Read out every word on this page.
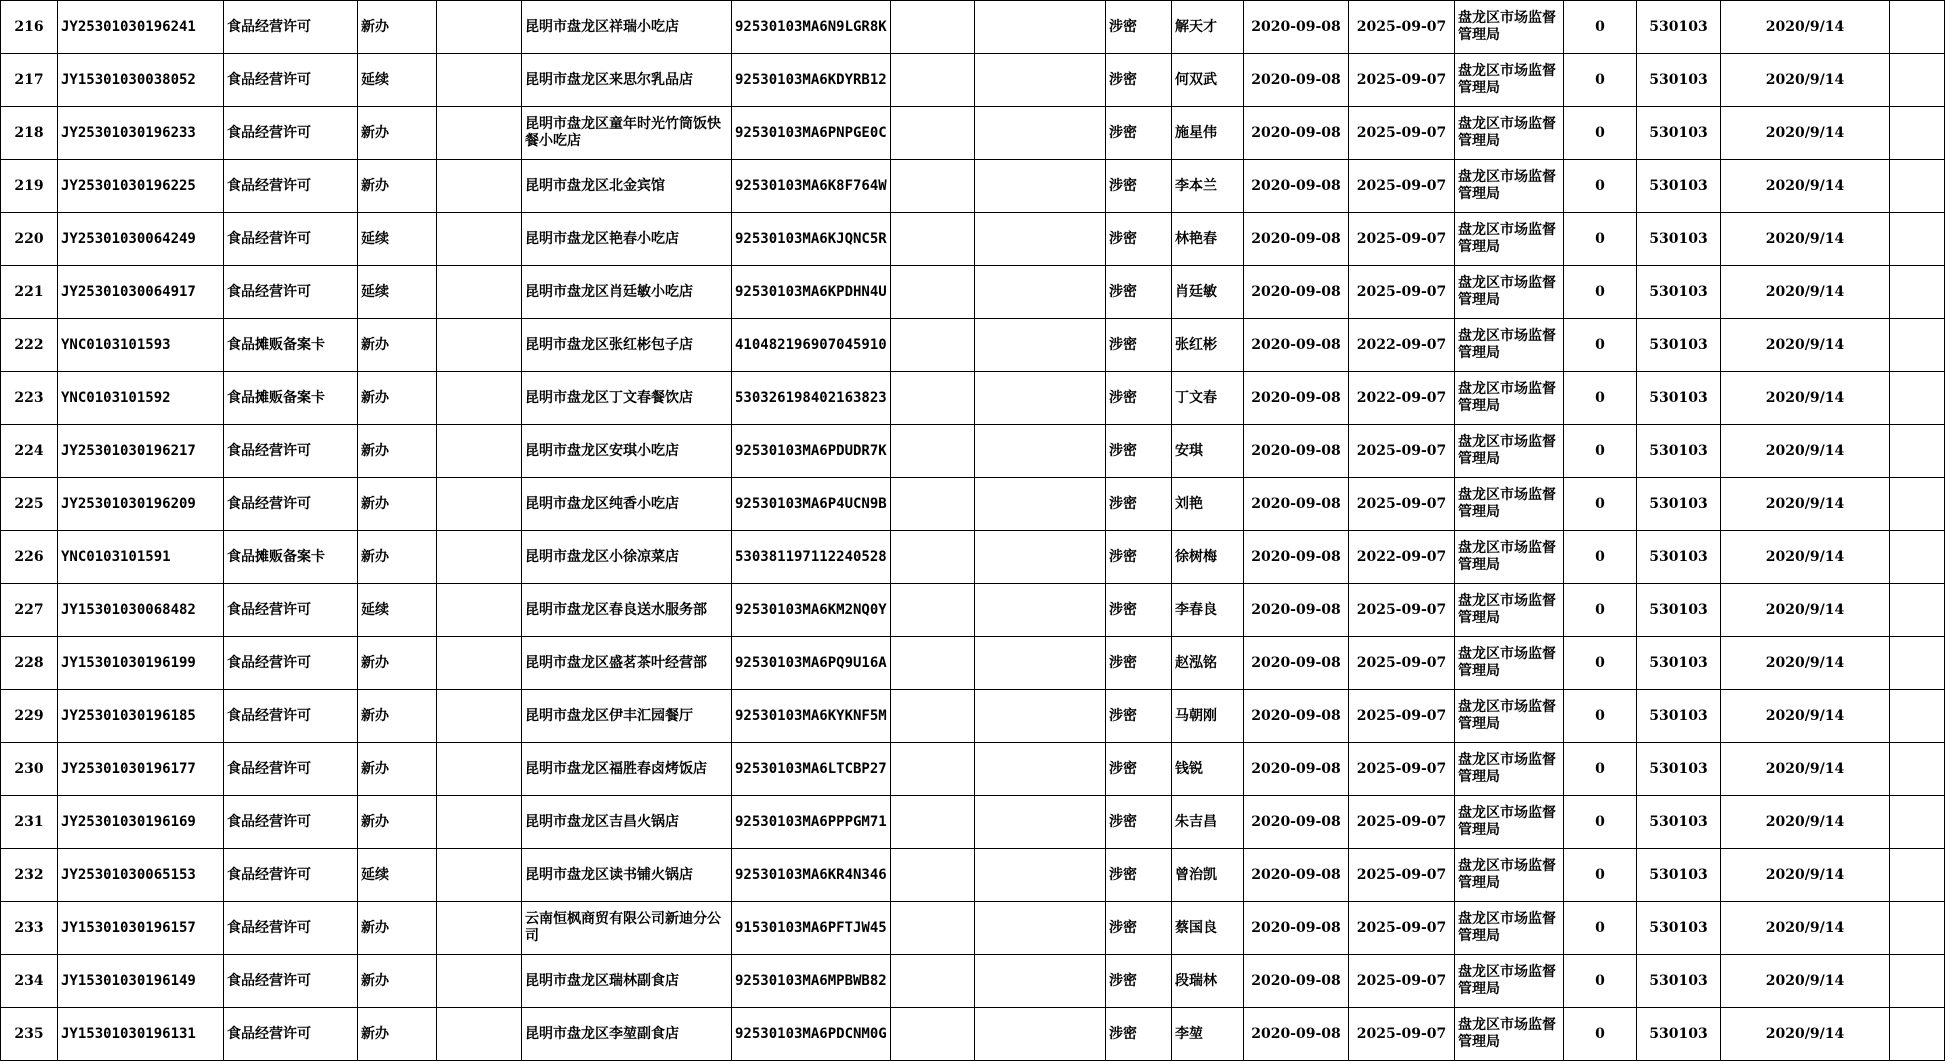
216	JY25301030196241	食品经营许可	新办		昆明市盘龙区祥瑞小吃店	92530103MA6N9LGR8K			涉密	解天才	2020-09-08	2025-09-07	盘龙区市场监督管理局	0	530103	2020/9/14	
217	JY15301030038052	食品经营许可	延续		昆明市盘龙区来思尔乳品店	92530103MA6KDYRB12			涉密	何双武	2020-09-08	2025-09-07	盘龙区市场监督管理局	0	530103	2020/9/14	
218	JY25301030196233	食品经营许可	新办		昆明市盘龙区童年时光竹筒饭快餐小吃店	92530103MA6PNPGE0C			涉密	施星伟	2020-09-08	2025-09-07	盘龙区市场监督管理局	0	530103	2020/9/14	
219	JY25301030196225	食品经营许可	新办		昆明市盘龙区北金宾馆	92530103MA6K8F764W			涉密	李本兰	2020-09-08	2025-09-07	盘龙区市场监督管理局	0	530103	2020/9/14	
220	JY25301030064249	食品经营许可	延续		昆明市盘龙区艳春小吃店	92530103MA6KJQNC5R			涉密	林艳春	2020-09-08	2025-09-07	盘龙区市场监督管理局	0	530103	2020/9/14	
221	JY25301030064917	食品经营许可	延续		昆明市盘龙区肖廷敏小吃店	92530103MA6KPDHN4U			涉密	肖廷敏	2020-09-08	2025-09-07	盘龙区市场监督管理局	0	530103	2020/9/14	
222	YNC0103101593	食品摊贩备案卡	新办		昆明市盘龙区张红彬包子店	410482196907045910			涉密	张红彬	2020-09-08	2022-09-07	盘龙区市场监督管理局	0	530103	2020/9/14	
223	YNC0103101592	食品摊贩备案卡	新办		昆明市盘龙区丁文春餐饮店	530326198402163823			涉密	丁文春	2020-09-08	2022-09-07	盘龙区市场监督管理局	0	530103	2020/9/14	
224	JY25301030196217	食品经营许可	新办		昆明市盘龙区安琪小吃店	92530103MA6PDUDR7K			涉密	安琪	2020-09-08	2025-09-07	盘龙区市场监督管理局	0	530103	2020/9/14	
225	JY25301030196209	食品经营许可	新办		昆明市盘龙区纯香小吃店	92530103MA6P4UCN9B			涉密	刘艳	2020-09-08	2025-09-07	盘龙区市场监督管理局	0	530103	2020/9/14	
226	YNC0103101591	食品摊贩备案卡	新办		昆明市盘龙区小徐凉菜店	530381197112240528			涉密	徐树梅	2020-09-08	2022-09-07	盘龙区市场监督管理局	0	530103	2020/9/14	
227	JY15301030068482	食品经营许可	延续		昆明市盘龙区春良送水服务部	92530103MA6KM2NQ0Y			涉密	李春良	2020-09-08	2025-09-07	盘龙区市场监督管理局	0	530103	2020/9/14	
228	JY15301030196199	食品经营许可	新办		昆明市盘龙区盛茗茶叶经营部	92530103MA6PQ9U16A			涉密	赵泓铭	2020-09-08	2025-09-07	盘龙区市场监督管理局	0	530103	2020/9/14	
229	JY25301030196185	食品经营许可	新办		昆明市盘龙区伊丰汇园餐厅	92530103MA6KYKNF5M			涉密	马朝刚	2020-09-08	2025-09-07	盘龙区市场监督管理局	0	530103	2020/9/14	
230	JY25301030196177	食品经营许可	新办		昆明市盘龙区福胜春卤烤饭店	92530103MA6LTCBP27			涉密	钱锐	2020-09-08	2025-09-07	盘龙区市场监督管理局	0	530103	2020/9/14	
231	JY25301030196169	食品经营许可	新办		昆明市盘龙区吉昌火锅店	92530103MA6PPPGM71			涉密	朱吉昌	2020-09-08	2025-09-07	盘龙区市场监督管理局	0	530103	2020/9/14	
232	JY25301030065153	食品经营许可	延续		昆明市盘龙区读书铺火锅店	92530103MA6KR4N346			涉密	曾治凯	2020-09-08	2025-09-07	盘龙区市场监督管理局	0	530103	2020/9/14	
233	JY15301030196157	食品经营许可	新办		云南恒枫商贸有限公司新迪分公司	91530103MA6PFTJW45			涉密	蔡国良	2020-09-08	2025-09-07	盘龙区市场监督管理局	0	530103	2020/9/14	
234	JY15301030196149	食品经营许可	新办		昆明市盘龙区瑞林副食店	92530103MA6MPBWB82			涉密	段瑞林	2020-09-08	2025-09-07	盘龙区市场监督管理局	0	530103	2020/9/14	
235	JY15301030196131	食品经营许可	新办		昆明市盘龙区李堃副食店	92530103MA6PDCNM0G			涉密	李堃	2020-09-08	2025-09-07	盘龙区市场监督管理局	0	530103	2020/9/14	
